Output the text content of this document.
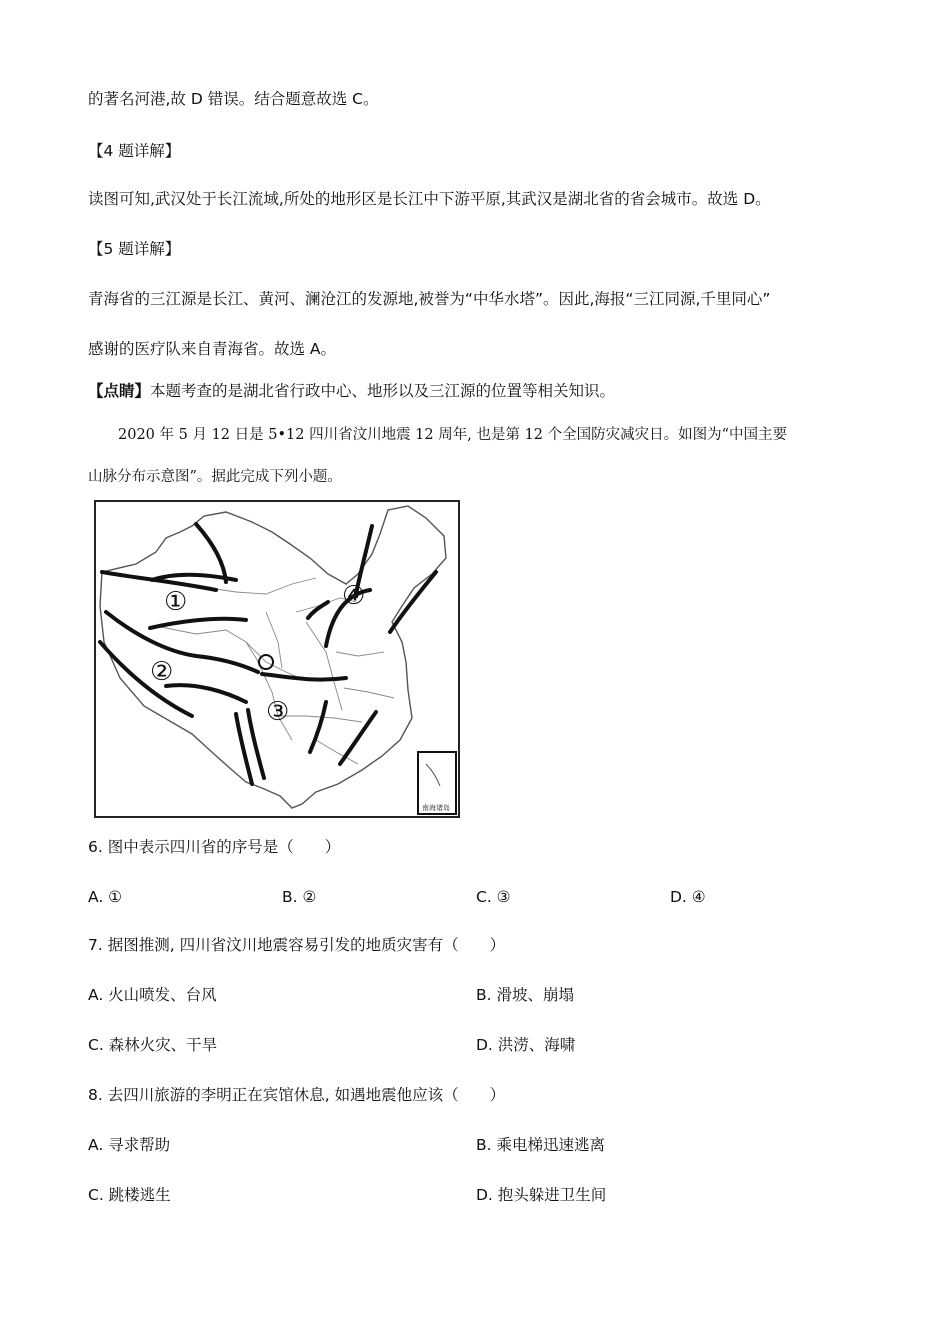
的著名河港,故 D 错误。结合题意故选 C。
【4 题详解】
读图可知,武汉处于长江流域,所处的地形区是长江中下游平原,其武汉是湖北省的省会城市。故选 D。
【5 题详解】
青海省的三江源是长江、黄河、澜沧江的发源地,被誉为“中华水塔”。因此,海报“三江同源,千里同心”
感谢的医疗队来自青海省。故选 A。
【点睛】本题考查的是湖北省行政中心、地形以及三江源的位置等相关知识。
2020 年 5 月 12 日是 5•12 四川省汶川地震 12 周年, 也是第 12 个全国防灾减灾日。如图为“中国主要
山脉分布示意图”。据此完成下列小题。
①
②
③
④
南海诸岛
6. 图中表示四川省的序号是（　　）
A. ①	B. ②	C. ③	D. ④
7. 据图推测, 四川省汶川地震容易引发的地质灾害有（　　）
A. 火山喷发、台风	B. 滑坡、崩塌
C. 森林火灾、干旱	D. 洪涝、海啸
8. 去四川旅游的李明正在宾馆休息, 如遇地震他应该（　　）
A. 寻求帮助	B. 乘电梯迅速逃离
C. 跳楼逃生	D. 抱头躲进卫生间
